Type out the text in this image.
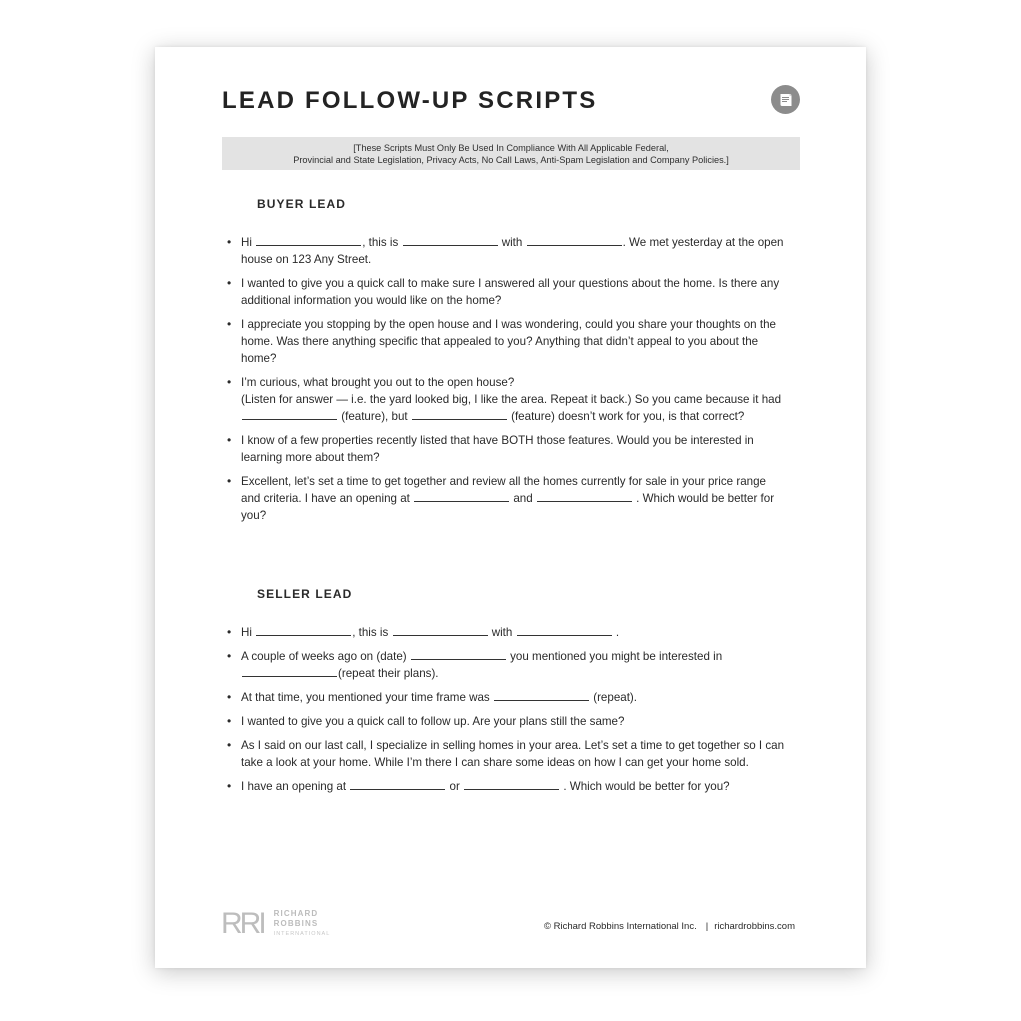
LEAD FOLLOW-UP SCRIPTS
[These Scripts Must Only Be Used In Compliance With All Applicable Federal,
Provincial and State Legislation, Privacy Acts, No Call Laws, Anti-Spam Legislation and Company Policies.]
BUYER LEAD
• Hi	, this is	with	. We met yesterday at the open house on 123 Any Street.
• I wanted to give you a quick call to make sure I answered all your questions about the home. Is there any additional information you would like on the home?
• I appreciate you stopping by the open house and I was wondering, could you share your thoughts on the home. Was there anything specific that appealed to you? Anything that didn’t appeal to you about the home?
• I’m curious, what brought you out to the open house?
(Listen for answer — i.e. the yard looked big, I like the area. Repeat it back.) So you came because it had  (feature), but	(feature) doesn’t work for you, is that correct?
• I know of a few properties recently listed that have BOTH those features. Would you be interested in learning more about them?
• Excellent, let’s set a time to get together and review all the homes currently for sale in your price range and criteria. I have an opening at	and	. Which would be better for you?
SELLER LEAD
• Hi	, this is	with	.
• A couple of weeks ago on (date)	you mentioned you might be interested in (repeat their plans).
• At that time, you mentioned your time frame was	(repeat).
• I wanted to give you a quick call to follow up. Are your plans still the same?
• As I said on our last call, I specialize in selling homes in your area. Let’s set a time to get together so I can take a look at your home. While I’m there I can share some ideas on how I can get your home sold.
• I have an opening at	or	. Which would be better for you?
RRI RICHARD
ROBBINS
INTERNATIONAL
© Richard Robbins International Inc. | richardrobbins.com
